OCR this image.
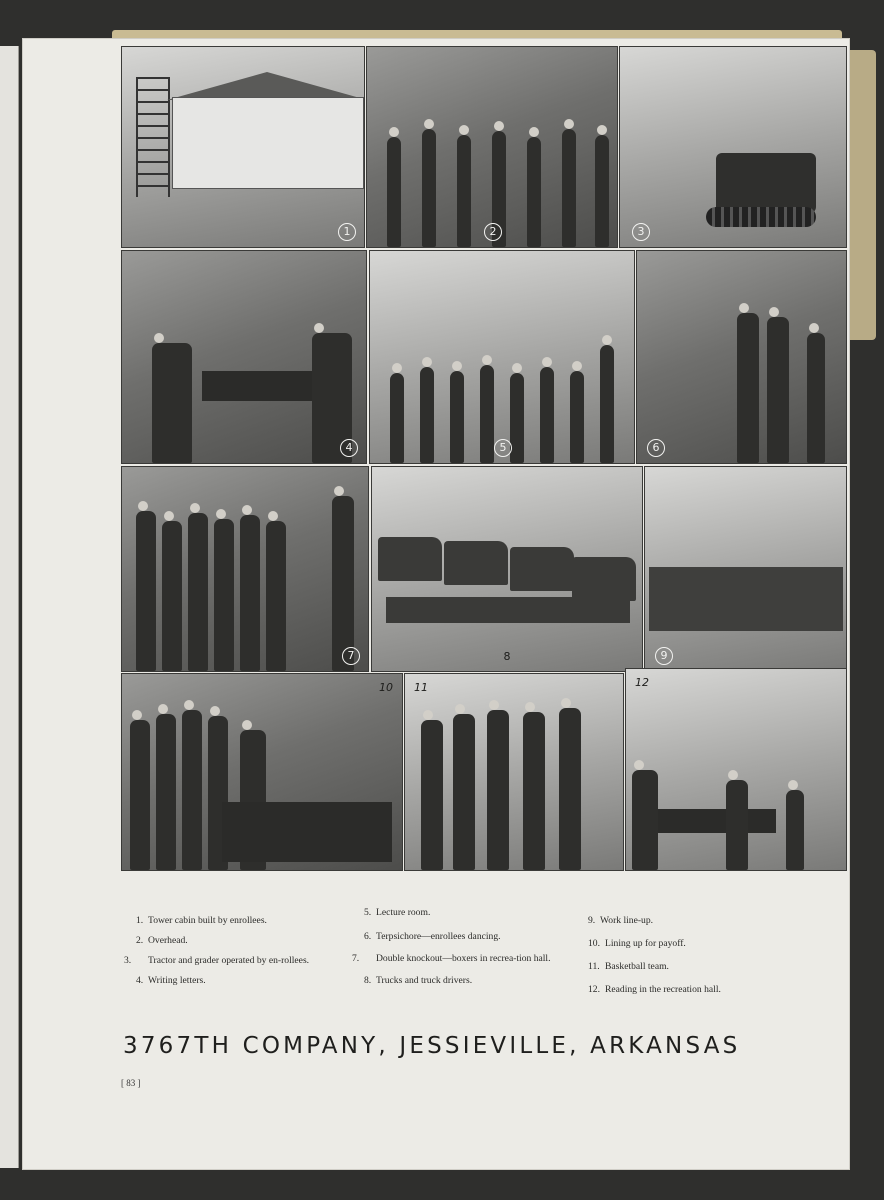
1	2	3
4	5	6
7	8	9
10 11	12
1. Tower cabin built by enrollees.
2. Overhead.
3. Tractor and grader operated by en-rollees.
4. Writing letters.
5. Lecture room.
6. Terpsichore—enrollees dancing.
7. Double knockout—boxers in recrea-tion hall.
8. Trucks and truck drivers.
9. Work line-up.
10. Lining up for payoff.
11. Basketball team.
12. Reading in the recreation hall.
3767TH COMPANY, JESSIEVILLE, ARKANSAS
[ 83 ]
